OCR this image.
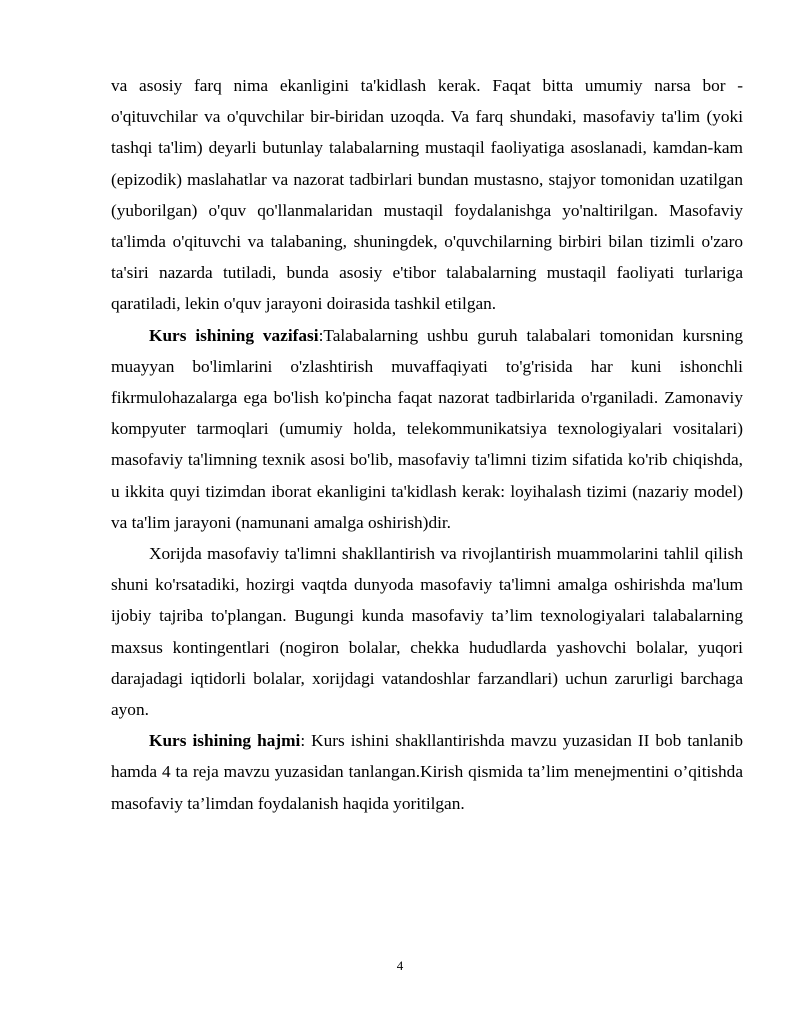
va asosiy farq nima ekanligini ta'kidlash kerak. Faqat bitta umumiy narsa bor - o'qituvchilar va o'quvchilar bir-biridan uzoqda. Va farq shundaki, masofaviy ta'lim (yoki tashqi ta'lim) deyarli butunlay talabalarning mustaqil faoliyatiga asoslanadi, kamdan-kam (epizodik) maslahatlar va nazorat tadbirlari bundan mustasno, stajyor tomonidan uzatilgan (yuborilgan) o'quv qo'llanmalaridan mustaqil foydalanishga yo'naltirilgan. Masofaviy ta'limda o'qituvchi va talabaning, shuningdek, o'quvchilarning birbiri bilan tizimli o'zaro ta'siri nazarda tutiladi, bunda asosiy e'tibor talabalarning mustaqil faoliyati turlariga qaratiladi, lekin o'quv jarayoni doirasida tashkil etilgan.

Kurs ishining vazifasi:Talabalarning ushbu guruh talabalari tomonidan kursning muayyan bo'limlarini o'zlashtirish muvaffaqiyati to'g'risida har kuni ishonchli fikrmulohazalarga ega bo'lish ko'pincha faqat nazorat tadbirlarida o'rganiladi. Zamonaviy kompyuter tarmoqlari (umumiy holda, telekommunikatsiya texnologiyalari vositalari) masofaviy ta'limning texnik asosi bo'lib, masofaviy ta'limni tizim sifatida ko'rib chiqishda, u ikkita quyi tizimdan iborat ekanligini ta'kidlash kerak: loyihalash tizimi (nazariy model) va ta'lim jarayoni (namunani amalga oshirish)dir.

Xorijda masofaviy ta'limni shakllantirish va rivojlantirish muammolarini tahlil qilish shuni ko'rsatadiki, hozirgi vaqtda dunyoda masofaviy ta'limni amalga oshirishda ma'lum ijobiy tajriba to'plangan. Bugungi kunda masofaviy ta’lim texnologiyalari talabalarning maxsus kontingentlari (nogiron bolalar, chekka hududlarda yashovchi bolalar, yuqori darajadagi iqtidorli bolalar, xorijdagi vatandoshlar farzandlari) uchun zarurligi barchaga ayon.

Kurs ishining hajmi: Kurs ishini shakllantirishda mavzu yuzasidan II bob tanlanib hamda 4 ta reja mavzu yuzasidan tanlangan.Kirish qismida ta’lim menejmentini o’qitishda masofaviy ta’limdan foydalanish haqida yoritilgan.

4
